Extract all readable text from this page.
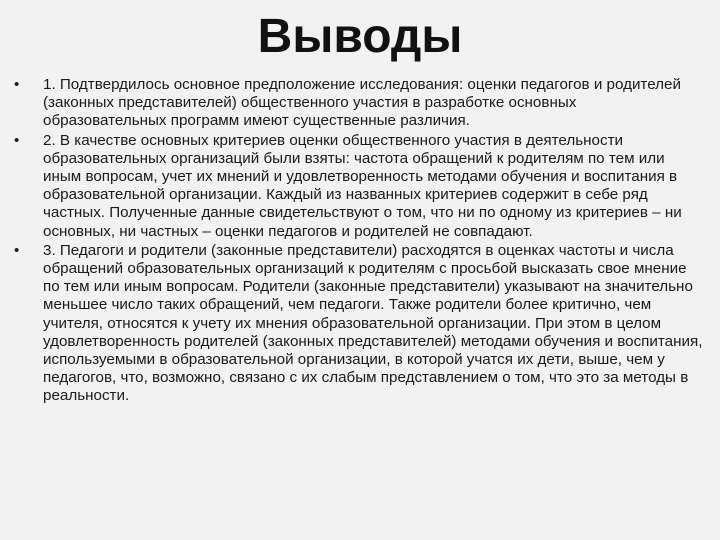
Выводы
•	1. Подтвердилось основное предположение исследования: оценки педагогов и родителей (законных представителей) общественного участия в разработке основных образовательных программ имеют существенные различия.
•	2. В качестве основных критериев оценки общественного участия в деятельности образовательных организаций были взяты: частота обращений к родителям по тем или иным вопросам, учет их мнений и удовлетворенность методами обучения и воспитания в образовательной организации. Каждый из названных критериев содержит в себе ряд частных. Полученные данные свидетельствуют о том, что ни по одному из критериев – ни основных, ни частных – оценки педагогов и родителей не совпадают.
•	3. Педагоги и родители (законные представители) расходятся в оценках частоты и числа обращений образовательных организаций к родителям с просьбой высказать свое мнение по тем или иным вопросам. Родители (законные представители) указывают на значительно меньшее число таких обращений, чем педагоги. Также родители более критично, чем учителя, относятся к учету их мнения образовательной организации. При этом в целом удовлетворенность родителей (законных представителей) методами обучения и воспитания, используемыми в образовательной организации, в которой учатся их дети, выше, чем у педагогов, что, возможно, связано с их слабым представлением о том, что это за методы в реальности.
